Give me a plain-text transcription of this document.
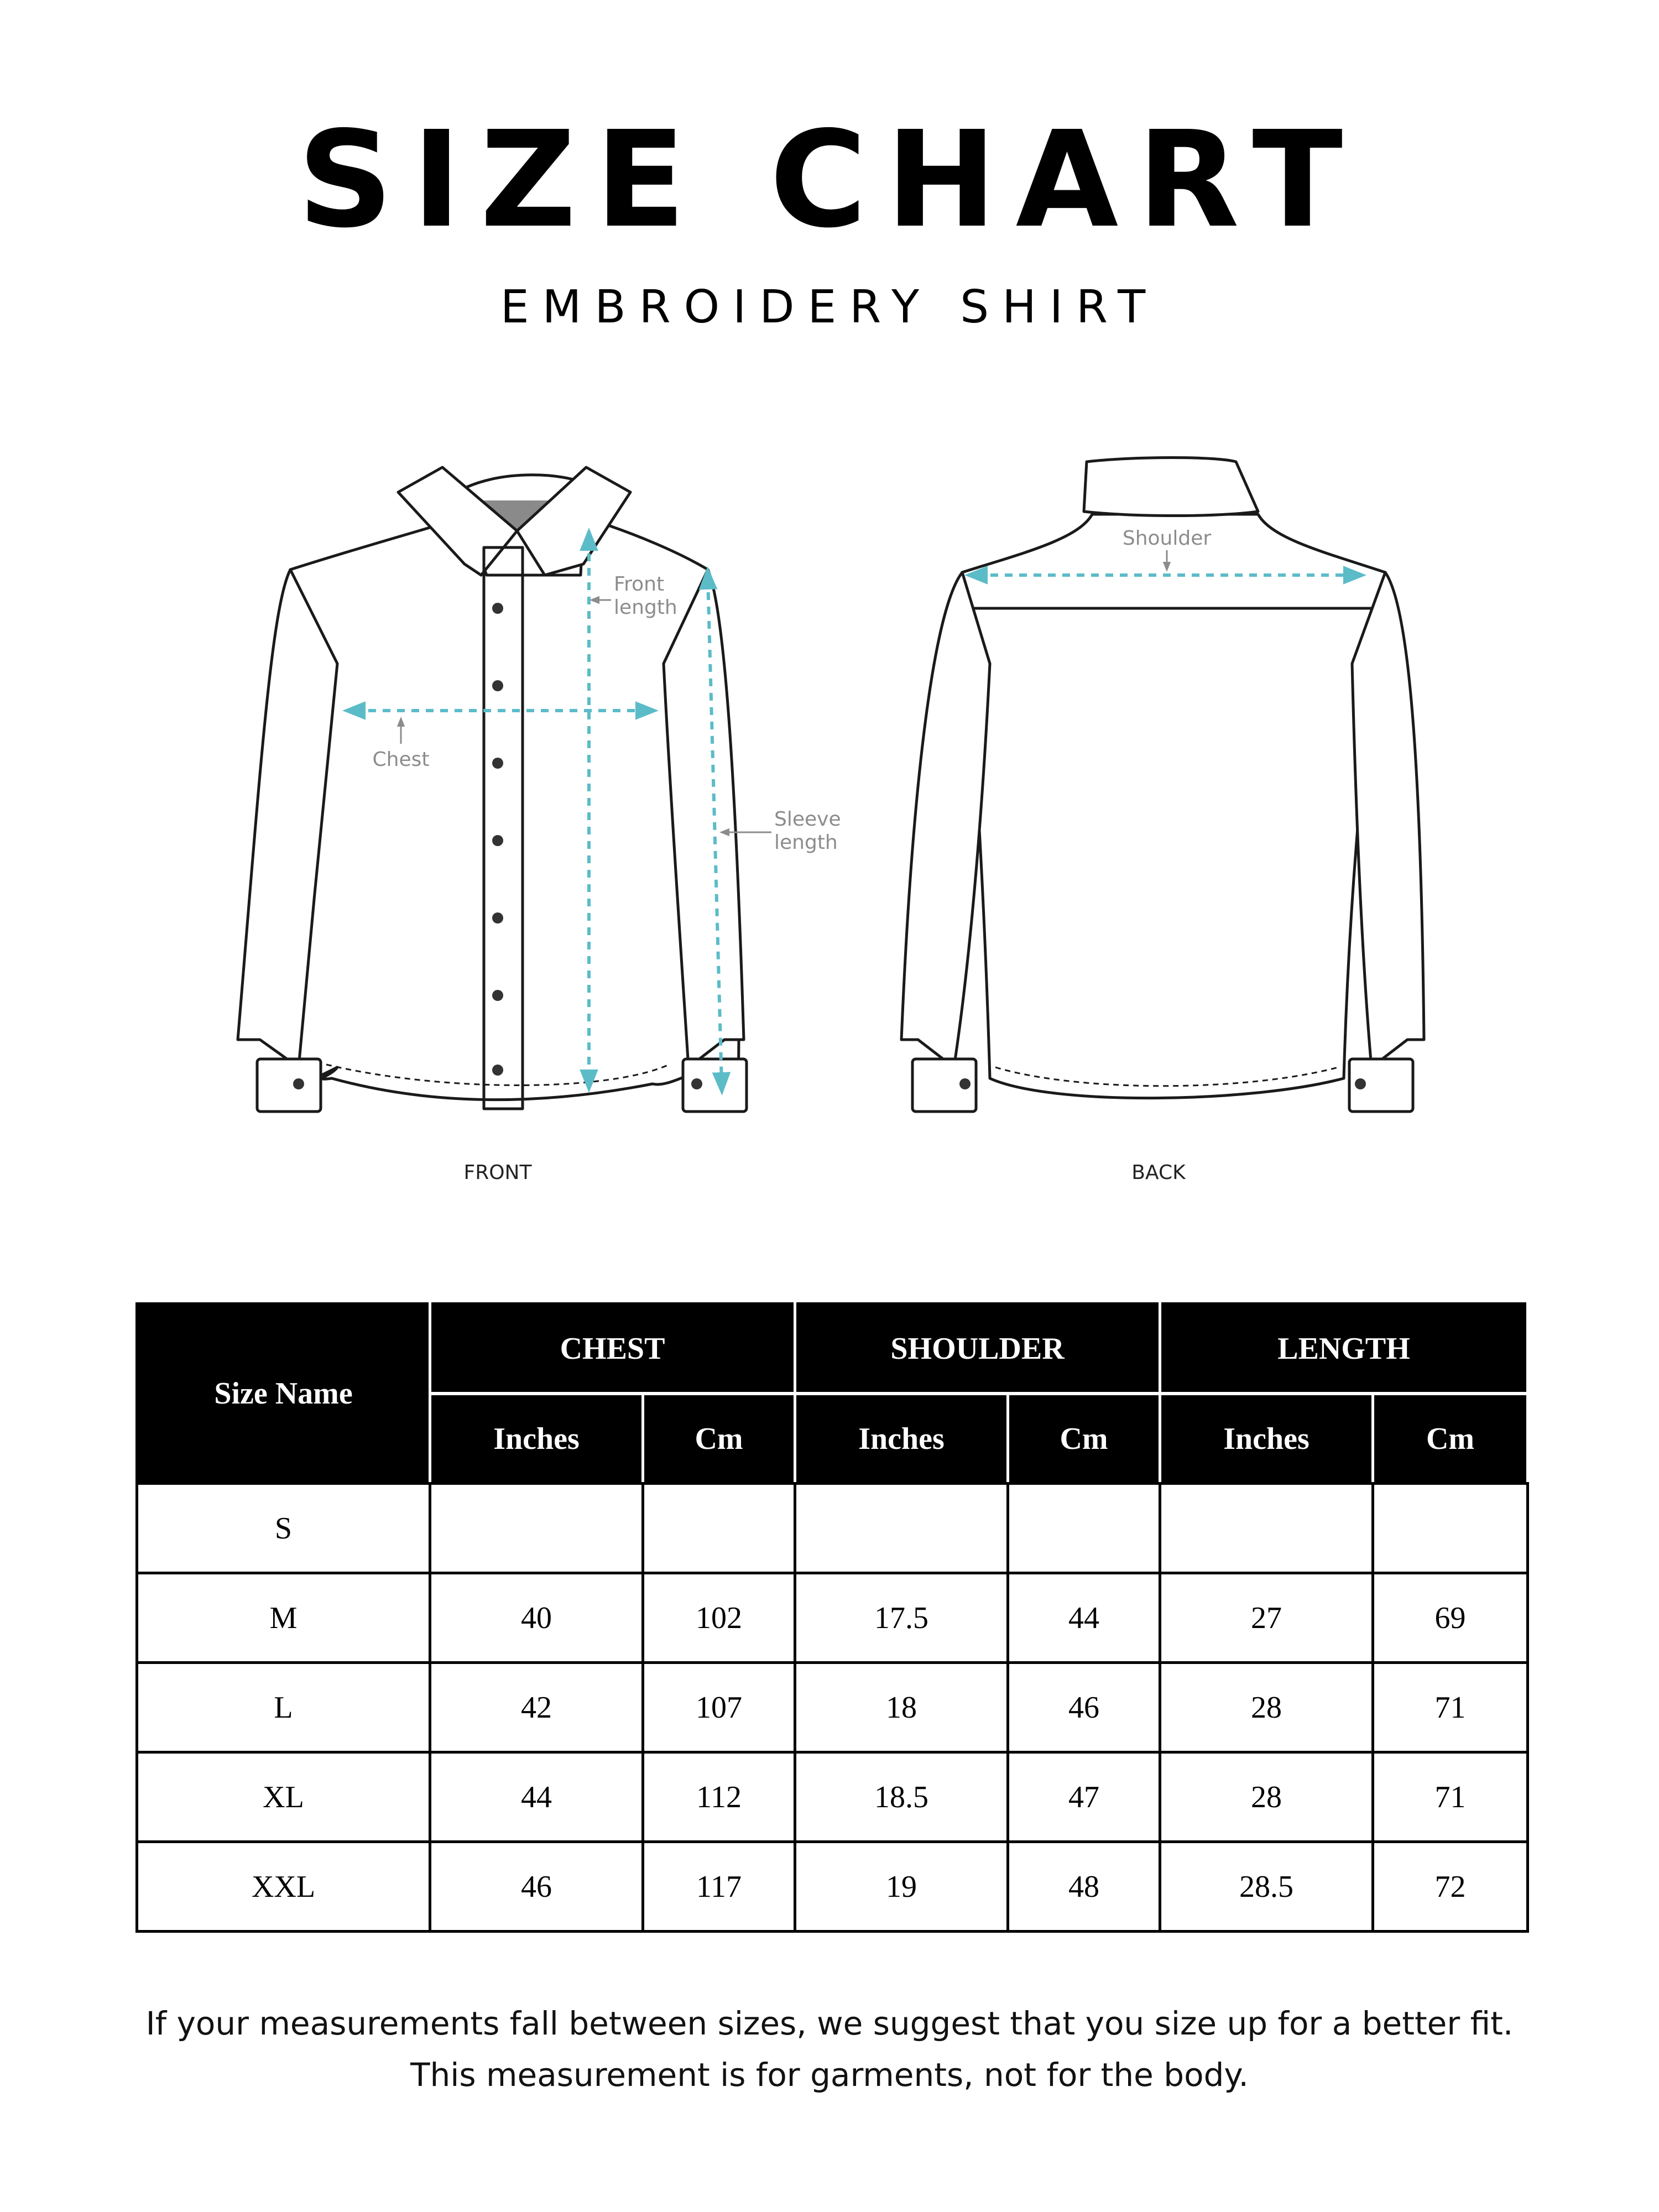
SIZE CHART
EMBROIDERY SHIRT
Chest
Front
length
Sleeve
length
Shoulder
FRONT	BACK
Size Name	CHEST		SHOULDER		LENGTH	
	Inches	Cm	Inches	Cm	Inches	Cm
S						
M	40	102	17.5	44	27	69
L	42	107	18	46	28	71
XL	44	112	18.5	47	28	71
XXL	46	117	19	48	28.5	72
If your measurements fall between sizes, we suggest that you size up for a better fit.
This measurement is for garments, not for the body.
